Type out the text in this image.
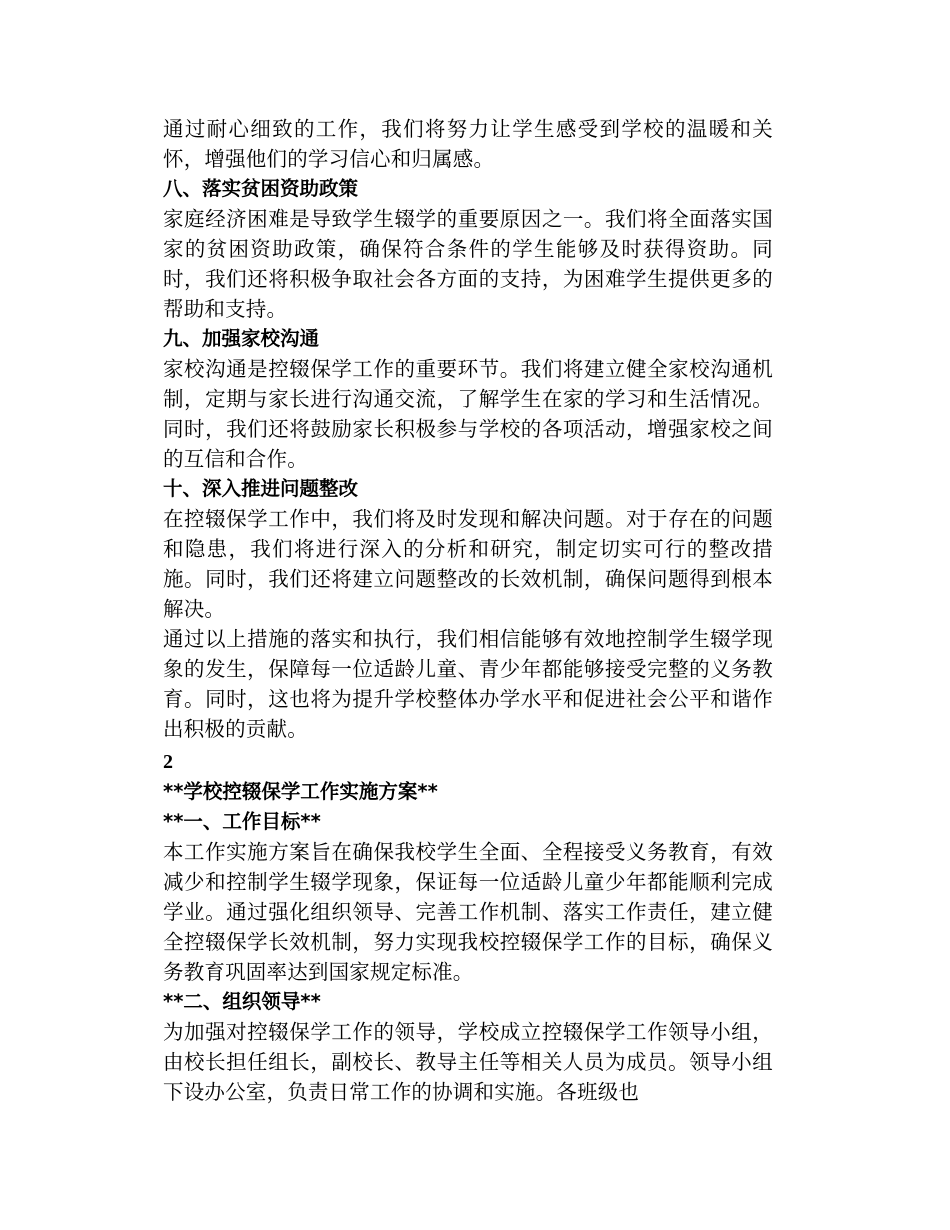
通过耐心细致的工作，我们将努力让学生感受到学校的温暖和关怀，增强他们的学习信心和归属感。

八、落实贫困资助政策

家庭经济困难是导致学生辍学的重要原因之一。我们将全面落实国家的贫困资助政策，确保符合条件的学生能够及时获得资助。同时，我们还将积极争取社会各方面的支持，为困难学生提供更多的帮助和支持。

九、加强家校沟通

家校沟通是控辍保学工作的重要环节。我们将建立健全家校沟通机制，定期与家长进行沟通交流，了解学生在家的学习和生活情况。同时，我们还将鼓励家长积极参与学校的各项活动，增强家校之间的互信和合作。

十、深入推进问题整改

在控辍保学工作中，我们将及时发现和解决问题。对于存在的问题和隐患，我们将进行深入的分析和研究，制定切实可行的整改措施。同时，我们还将建立问题整改的长效机制，确保问题得到根本解决。

通过以上措施的落实和执行，我们相信能够有效地控制学生辍学现象的发生，保障每一位适龄儿童、青少年都能够接受完整的义务教育。同时，这也将为提升学校整体办学水平和促进社会公平和谐作出积极的贡献。

2

**学校控辍保学工作实施方案**

**一、工作目标**

本工作实施方案旨在确保我校学生全面、全程接受义务教育，有效减少和控制学生辍学现象，保证每一位适龄儿童少年都能顺利完成学业。通过强化组织领导、完善工作机制、落实工作责任，建立健全控辍保学长效机制，努力实现我校控辍保学工作的目标，确保义务教育巩固率达到国家规定标准。

**二、组织领导**

为加强对控辍保学工作的领导，学校成立控辍保学工作领导小组，由校长担任组长，副校长、教导主任等相关人员为成员。领导小组下设办公室，负责日常工作的协调和实施。各班级也
